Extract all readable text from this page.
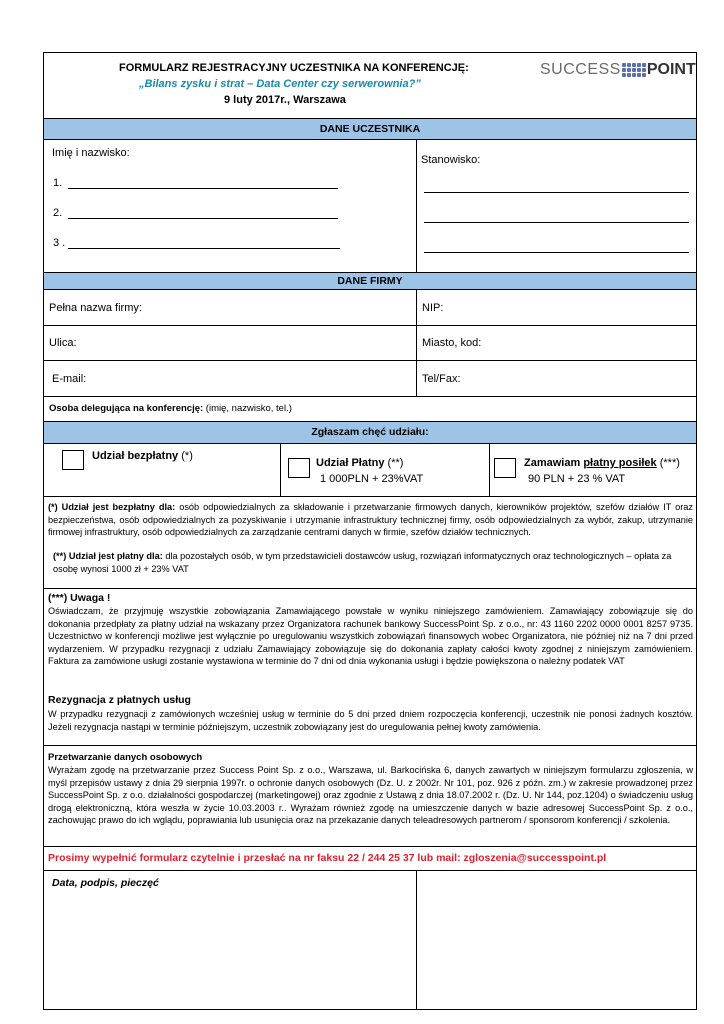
FORMULARZ REJESTRACYJNY UCZESTNIKA NA KONFERENCJĘ:
„Bilans zysku i strat – Data Center czy serwerownia?”
9 luty 2017r., Warszawa
SUCCESS POINT
DANE UCZESTNIKA
Imię i nazwisko:
1.
2.
3 .
Stanowisko:
DANE FIRMY
Pełna nazwa firmy:	NIP:
Ulica:	Miasto, kod:
E-mail:	Tel/Fax:
Osoba delegująca na konferencję: (imię, nazwisko, tel.)
Zgłaszam chęć udziału:
Udział bezpłatny (*)
Udział Płatny (**)
1 000PLN + 23%VAT
Zamawiam płatny posiłek (***)
90 PLN + 23 % VAT
(*) Udział jest bezpłatny dla: osób odpowiedzialnych za składowanie i przetwarzanie firmowych danych, kierowników projektów, szefów działów IT oraz bezpieczeństwa, osób odpowiedzialnych za pozyskiwanie i utrzymanie infrastruktury technicznej firmy, osób odpowiedzialnych za wybór, zakup, utrzymanie firmowej infrastruktury, osób odpowiedzialnych za zarządzanie centrami danych w firmie, szefów działów technicznych.
(**) Udział jest płatny dla: dla pozostałych osób, w tym przedstawicieli dostawców usług, rozwiązań informatycznych oraz technologicznych – opłata za osobę wynosi 1000 zł + 23% VAT
(***) Uwaga !
Oświadczam, że przyjmuję wszystkie zobowiązania Zamawiającego powstałe w wyniku niniejszego zamówieniem. Zamawiający zobowiązuje się do dokonania przedpłaty za płatny udział na wskazany przez Organizatora rachunek bankowy SuccessPoint Sp. z o.o., nr: 43 1160 2202 0000 0001 8257 9735. Uczestnictwo w konferencji możliwe jest wyłącznie po uregulowaniu wszystkich zobowiązań finansowych wobec Organizatora, nie później niż na 7 dni przed wydarzeniem. W przypadku rezygnacji z udziału Zamawiający zobowiązuje się do dokonania zapłaty całości kwoty zgodnej z niniejszym zamówieniem. Faktura za zamówione usługi zostanie wystawiona w terminie do 7 dni od dnia wykonania usługi i będzie powiększona o należny podatek VAT
Rezygnacja z płatnych usług
W przypadku rezygnacji z zamówionych wcześniej usług w terminie do 5 dni przed dniem rozpoczęcia konferencji, uczestnik nie ponosi żadnych kosztów. Jeżeli rezygnacja nastąpi w terminie późniejszym, uczestnik zobowiązany jest do uregulowania pełnej kwoty zamówienia.
Przetwarzanie danych osobowych
Wyrażam zgodę na przetwarzanie przez Success Point Sp. z o.o., Warszawa, ul. Barkocińska 6, danych zawartych w niniejszym formularzu zgłoszenia, w myśl przepisów ustawy z dnia 29 sierpnia 1997r. o ochronie danych osobowych (Dz. U. z 2002r. Nr 101, poz. 926 z późn. zm.) w zakresie prowadzonej przez SuccessPoint Sp. z o.o. działalności gospodarczej (marketingowej) oraz zgodnie z Ustawą z dnia 18.07.2002 r. (Dz. U. Nr 144, poz.1204) o świadczeniu usług drogą elektroniczną, która weszła w życie 10.03.2003 r.. Wyrażam również zgodę na umieszczenie danych w bazie adresowej SuccessPoint Sp. z o.o., zachowując prawo do ich wglądu, poprawiania lub usunięcia oraz na przekazanie danych teleadresowych partnerom / sponsorom konferencji / szkolenia.
Prosimy wypełnić formularz czytelnie i przesłać na nr faksu 22 / 244 25 37 lub mail: zgloszenia@successpoint.pl
Data, podpis, pieczęć
